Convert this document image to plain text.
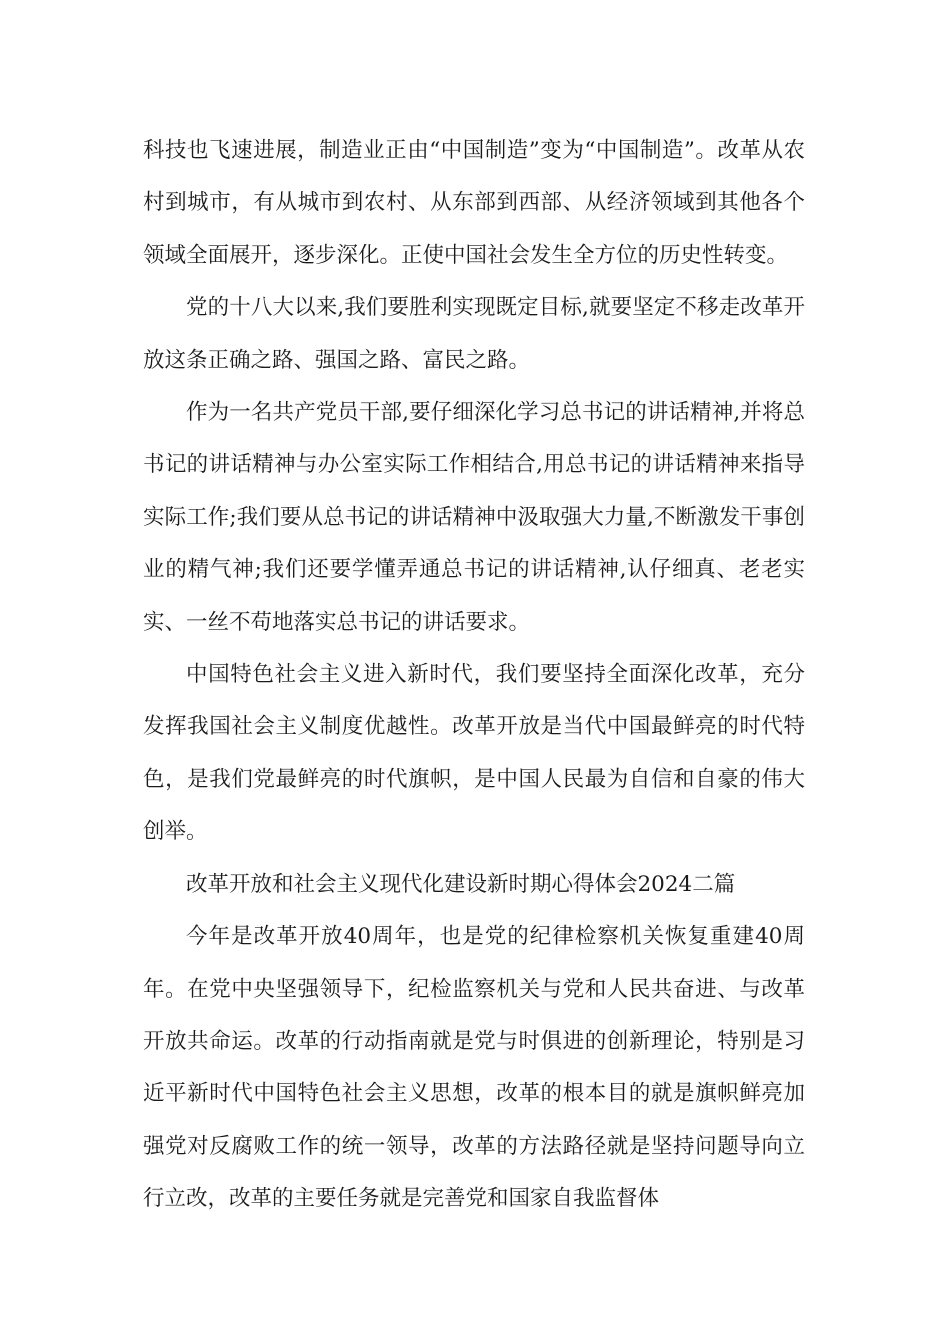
科技也飞速进展，制造业正由“中国制造”变为“中国制造”。改革从农村到城市，有从城市到农村、从东部到西部、从经济领域到其他各个领域全面展开，逐步深化。正使中国社会发生全方位的历史性转变。

党的十八大以来,我们要胜利实现既定目标,就要坚定不移走改革开放这条正确之路、强国之路、富民之路。

作为一名共产党员干部,要仔细深化学习总书记的讲话精神,并将总书记的讲话精神与办公室实际工作相结合,用总书记的讲话精神来指导实际工作;我们要从总书记的讲话精神中汲取强大力量,不断激发干事创业的精气神;我们还要学懂弄通总书记的讲话精神,认仔细真、老老实实、一丝不苟地落实总书记的讲话要求。

中国特色社会主义进入新时代，我们要坚持全面深化改革，充分发挥我国社会主义制度优越性。改革开放是当代中国最鲜亮的时代特色，是我们党最鲜亮的时代旗帜，是中国人民最为自信和自豪的伟大创举。

改革开放和社会主义现代化建设新时期心得体会2024二篇

今年是改革开放40周年，也是党的纪律检察机关恢复重建40周年。在党中央坚强领导下，纪检监察机关与党和人民共奋进、与改革开放共命运。改革的行动指南就是党与时俱进的创新理论，特别是习近平新时代中国特色社会主义思想，改革的根本目的就是旗帜鲜亮加强党对反腐败工作的统一领导，改革的方法路径就是坚持问题导向立行立改，改革的主要任务就是完善党和国家自我监督体
